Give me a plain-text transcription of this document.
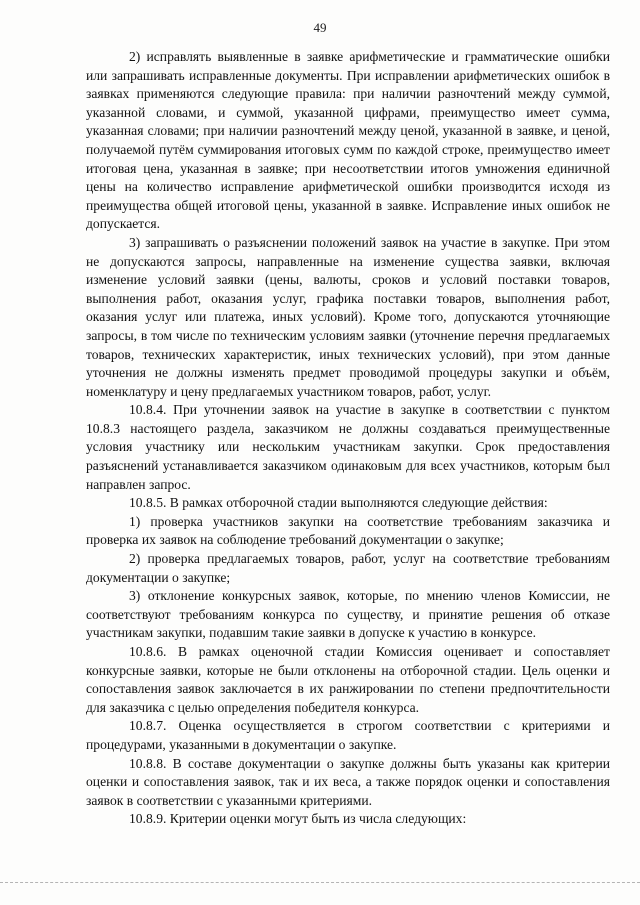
49

2) исправлять выявленные в заявке арифметические и грамматические ошибки или запрашивать исправленные документы. При исправлении арифметических ошибок в заявках применяются следующие правила: при наличии разночтений между суммой, указанной словами, и суммой, указанной цифрами, преимущество имеет сумма, указанная словами; при наличии разночтений между ценой, указанной в заявке, и ценой, получаемой путём суммирования итоговых сумм по каждой строке, преимущество имеет итоговая цена, указанная в заявке; при несоответствии итогов умножения единичной цены на количество исправление арифметической ошибки производится исходя из преимущества общей итоговой цены, указанной в заявке. Исправление иных ошибок не допускается.

3) запрашивать о разъяснении положений заявок на участие в закупке. При этом не допускаются запросы, направленные на изменение существа заявки, включая изменение условий заявки (цены, валюты, сроков и условий поставки товаров, выполнения работ, оказания услуг, графика поставки товаров, выполнения работ, оказания услуг или платежа, иных условий). Кроме того, допускаются уточняющие запросы, в том числе по техническим условиям заявки (уточнение перечня предлагаемых товаров, технических характеристик, иных технических условий), при этом данные уточнения не должны изменять предмет проводимой процедуры закупки и объём, номенклатуру и цену предлагаемых участником товаров, работ, услуг.

10.8.4. При уточнении заявок на участие в закупке в соответствии с пунктом 10.8.3 настоящего раздела, заказчиком не должны создаваться преимущественные условия участнику или нескольким участникам закупки. Срок предоставления разъяснений устанавливается заказчиком одинаковым для всех участников, которым был направлен запрос.

10.8.5. В рамках отборочной стадии выполняются следующие действия:

1) проверка участников закупки на соответствие требованиям заказчика и проверка их заявок на соблюдение требований документации о закупке;

2) проверка предлагаемых товаров, работ, услуг на соответствие требованиям документации о закупке;

3) отклонение конкурсных заявок, которые, по мнению членов Комиссии, не соответствуют требованиям конкурса по существу, и принятие решения об отказе участникам закупки, подавшим такие заявки в допуске к участию в конкурсе.

10.8.6. В рамках оценочной стадии Комиссия оценивает и сопоставляет конкурсные заявки, которые не были отклонены на отборочной стадии. Цель оценки и сопоставления заявок заключается в их ранжировании по степени предпочтительности для заказчика с целью определения победителя конкурса.

10.8.7. Оценка осуществляется в строгом соответствии с критериями и процедурами, указанными в документации о закупке.

10.8.8. В составе документации о закупке должны быть указаны как критерии оценки и сопоставления заявок, так и их веса, а также порядок оценки и сопоставления заявок в соответствии с указанными критериями.

10.8.9. Критерии оценки могут быть из числа следующих:
